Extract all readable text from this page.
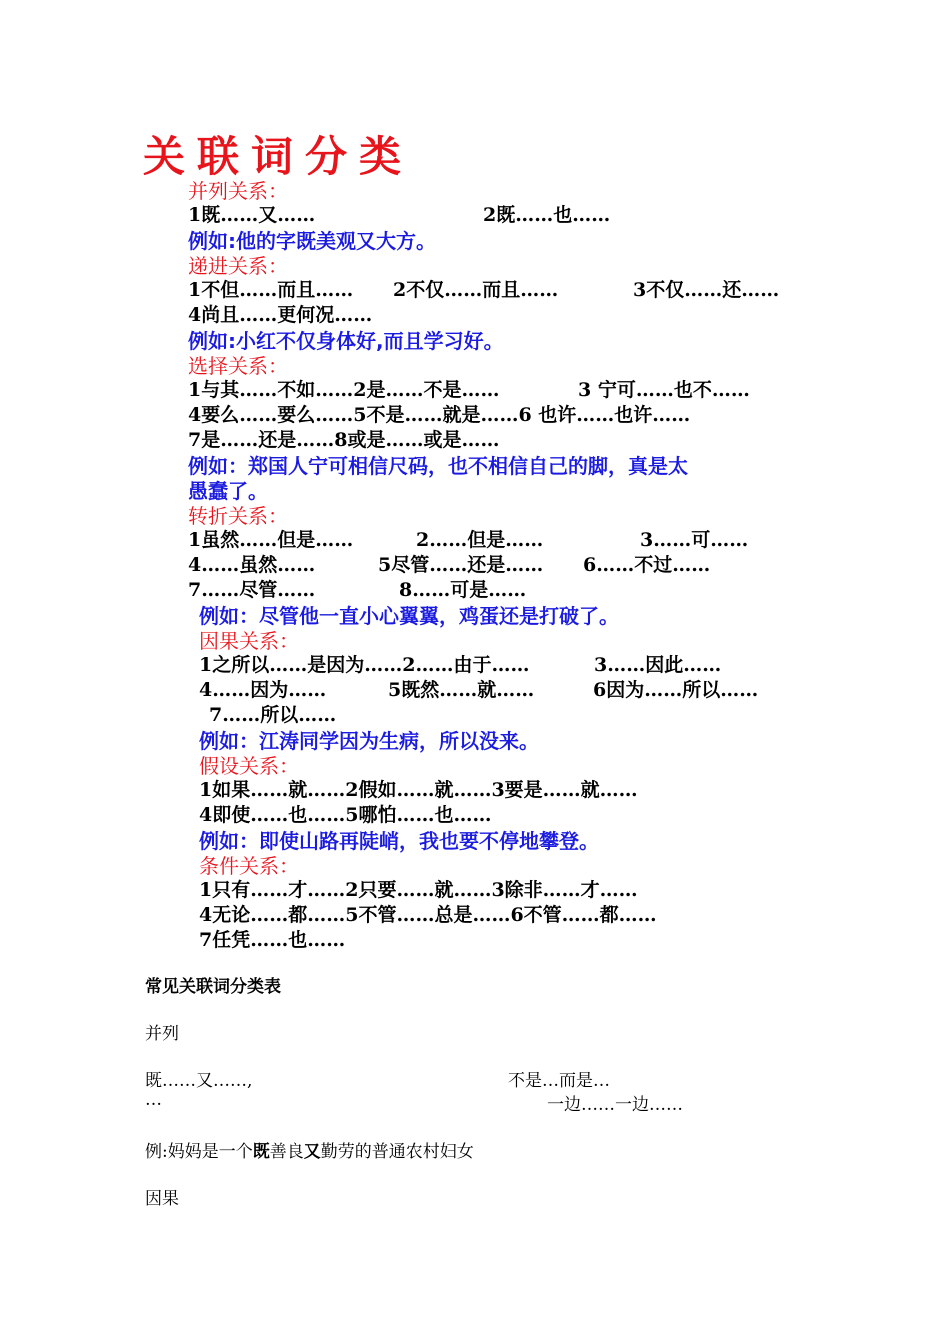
关联词分类
并列关系：
1既……又……	2既……也……
例如:他的字既美观又大方。
递进关系：
1不但……而且…… 2不仅……而且……	3不仅……还……
4尚且……更何况……
例如:小红不仅身体好,而且学习好。
选择关系：
1与其……不如……2是……不是……	3 宁可……也不……
4要么……要么……5不是……就是……6 也许……也许……
7是……还是……8或是……或是……
例如：郑国人宁可相信尺码，也不相信自己的脚，真是太
愚蠢了。
转折关系：
1虽然……但是……	2……但是……	3……可……
4……虽然……	5尽管……还是…… 6……不过……
7……尽管……	8……可是……
例如：尽管他一直小心翼翼，鸡蛋还是打破了。
因果关系：
1之所以……是因为……2……由于……	3……因此……
4……因为……	5既然……就……	6因为……所以……
7……所以……
例如：江涛同学因为生病，所以没来。
假设关系：
1如果……就……2假如……就……3要是……就……
4即使……也……5哪怕……也……
例如：即使山路再陡峭，我也要不停地攀登。
条件关系：
1只有……才……2只要……就……3除非……才……
4无论……都……5不管……总是……6不管……都……
7任凭……也……
常见关联词分类表
并列
既……又……,	不是…而是…
…	一边……一边……
例:妈妈是一个既善良又勤劳的普通农村妇女
因果
